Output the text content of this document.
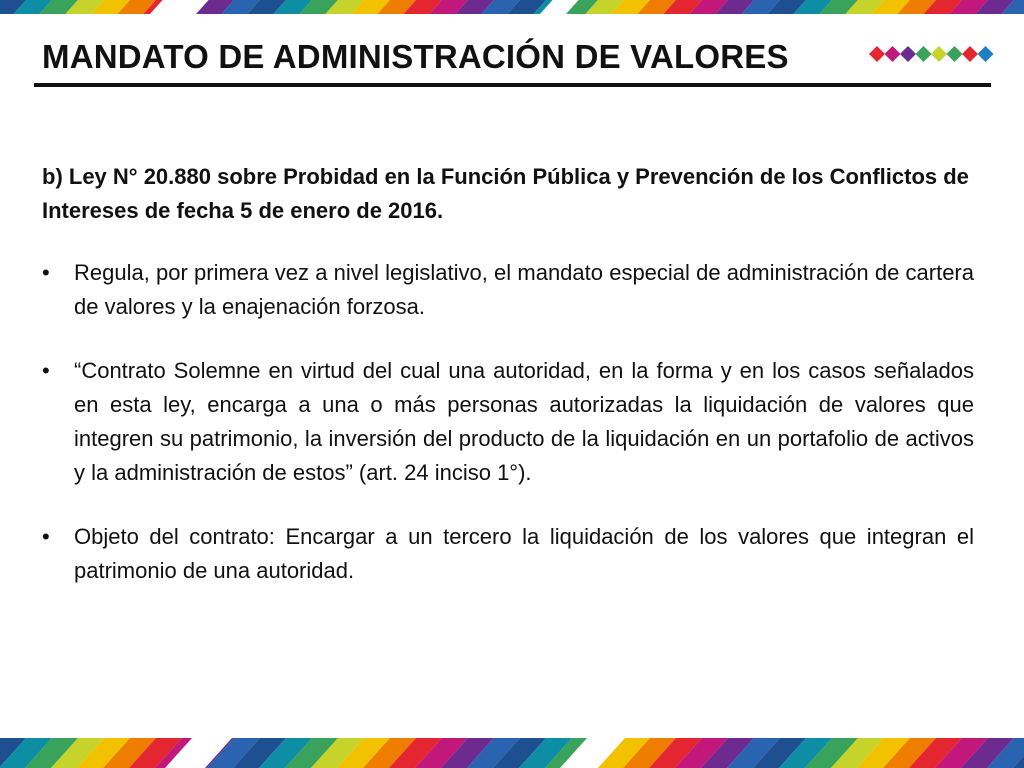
MANDATO DE ADMINISTRACIÓN DE VALORES

b) Ley N° 20.880 sobre Probidad en la Función Pública y Prevención de los Conflictos de Intereses de fecha 5 de enero de 2016.

•	Regula, por primera vez a nivel legislativo, el mandato especial de administración de cartera de valores y la enajenación forzosa.
•	“Contrato Solemne en virtud del cual una autoridad, en la forma y en los casos señalados en esta ley, encarga a una o más personas autorizadas la liquidación de valores que integren su patrimonio, la inversión del producto de la liquidación en un portafolio de activos y la administración de estos” (art. 24 inciso 1°).
•	Objeto del contrato: Encargar a un tercero la liquidación de los valores que integran el patrimonio de una autoridad.
